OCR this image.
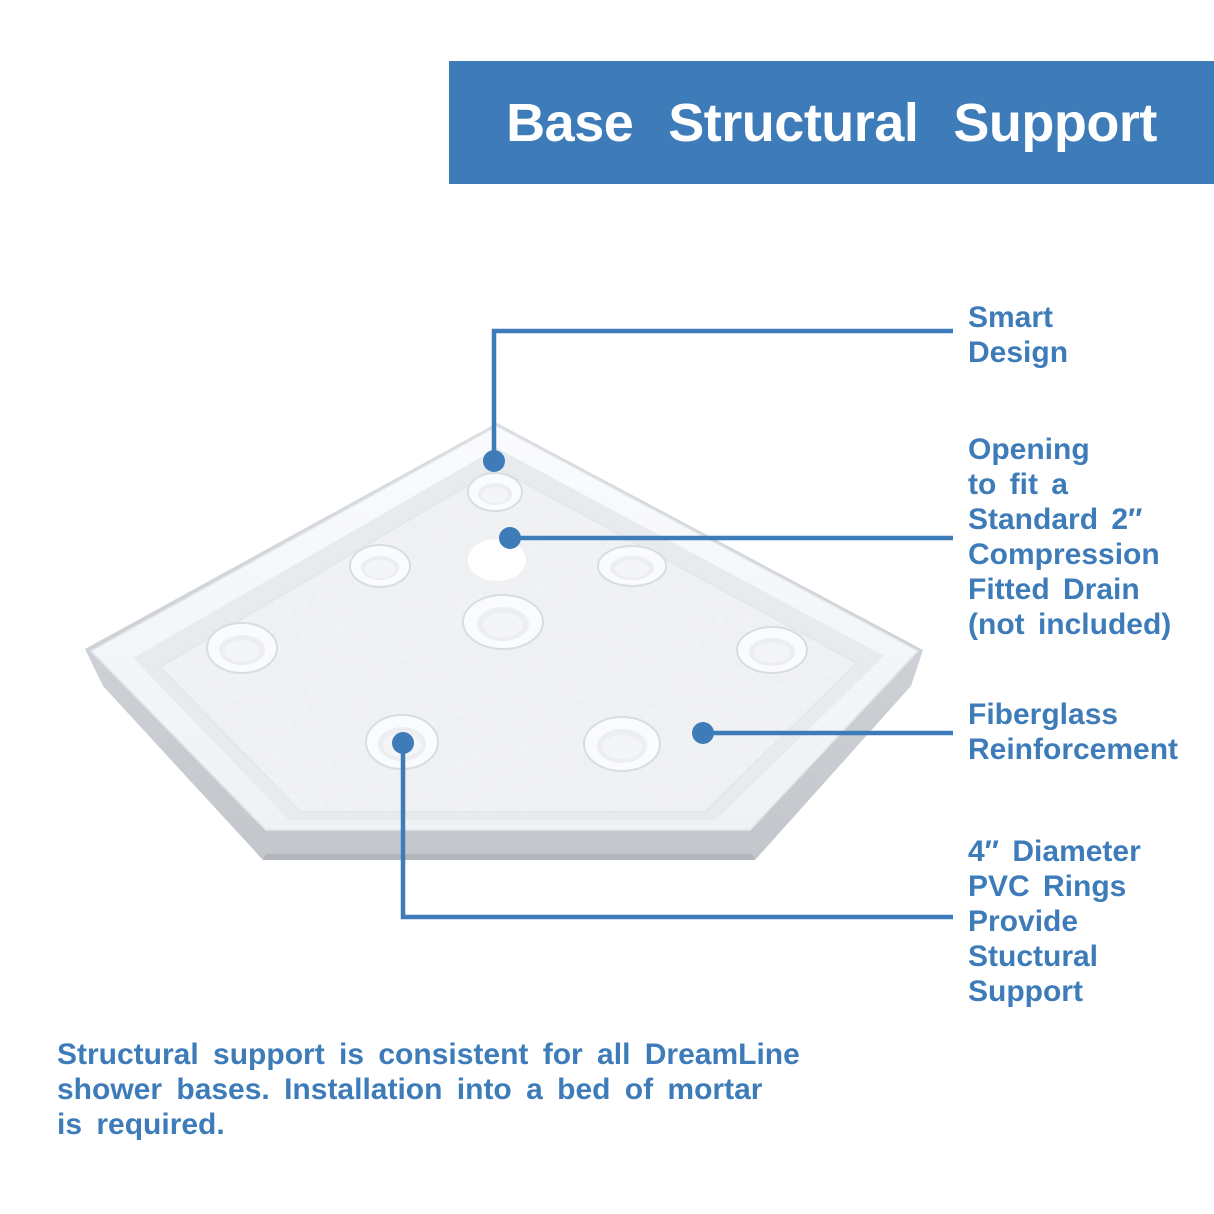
Base Structural Support
Smart
Design
Opening
to fit a
Standard 2″
Compression
Fitted Drain
(not included)
Fiberglass
Reinforcement
4″ Diameter
PVC Rings
Provide
Stuctural
Support
Structural support is consistent for all DreamLine
shower bases. Installation into a bed of mortar
is required.
